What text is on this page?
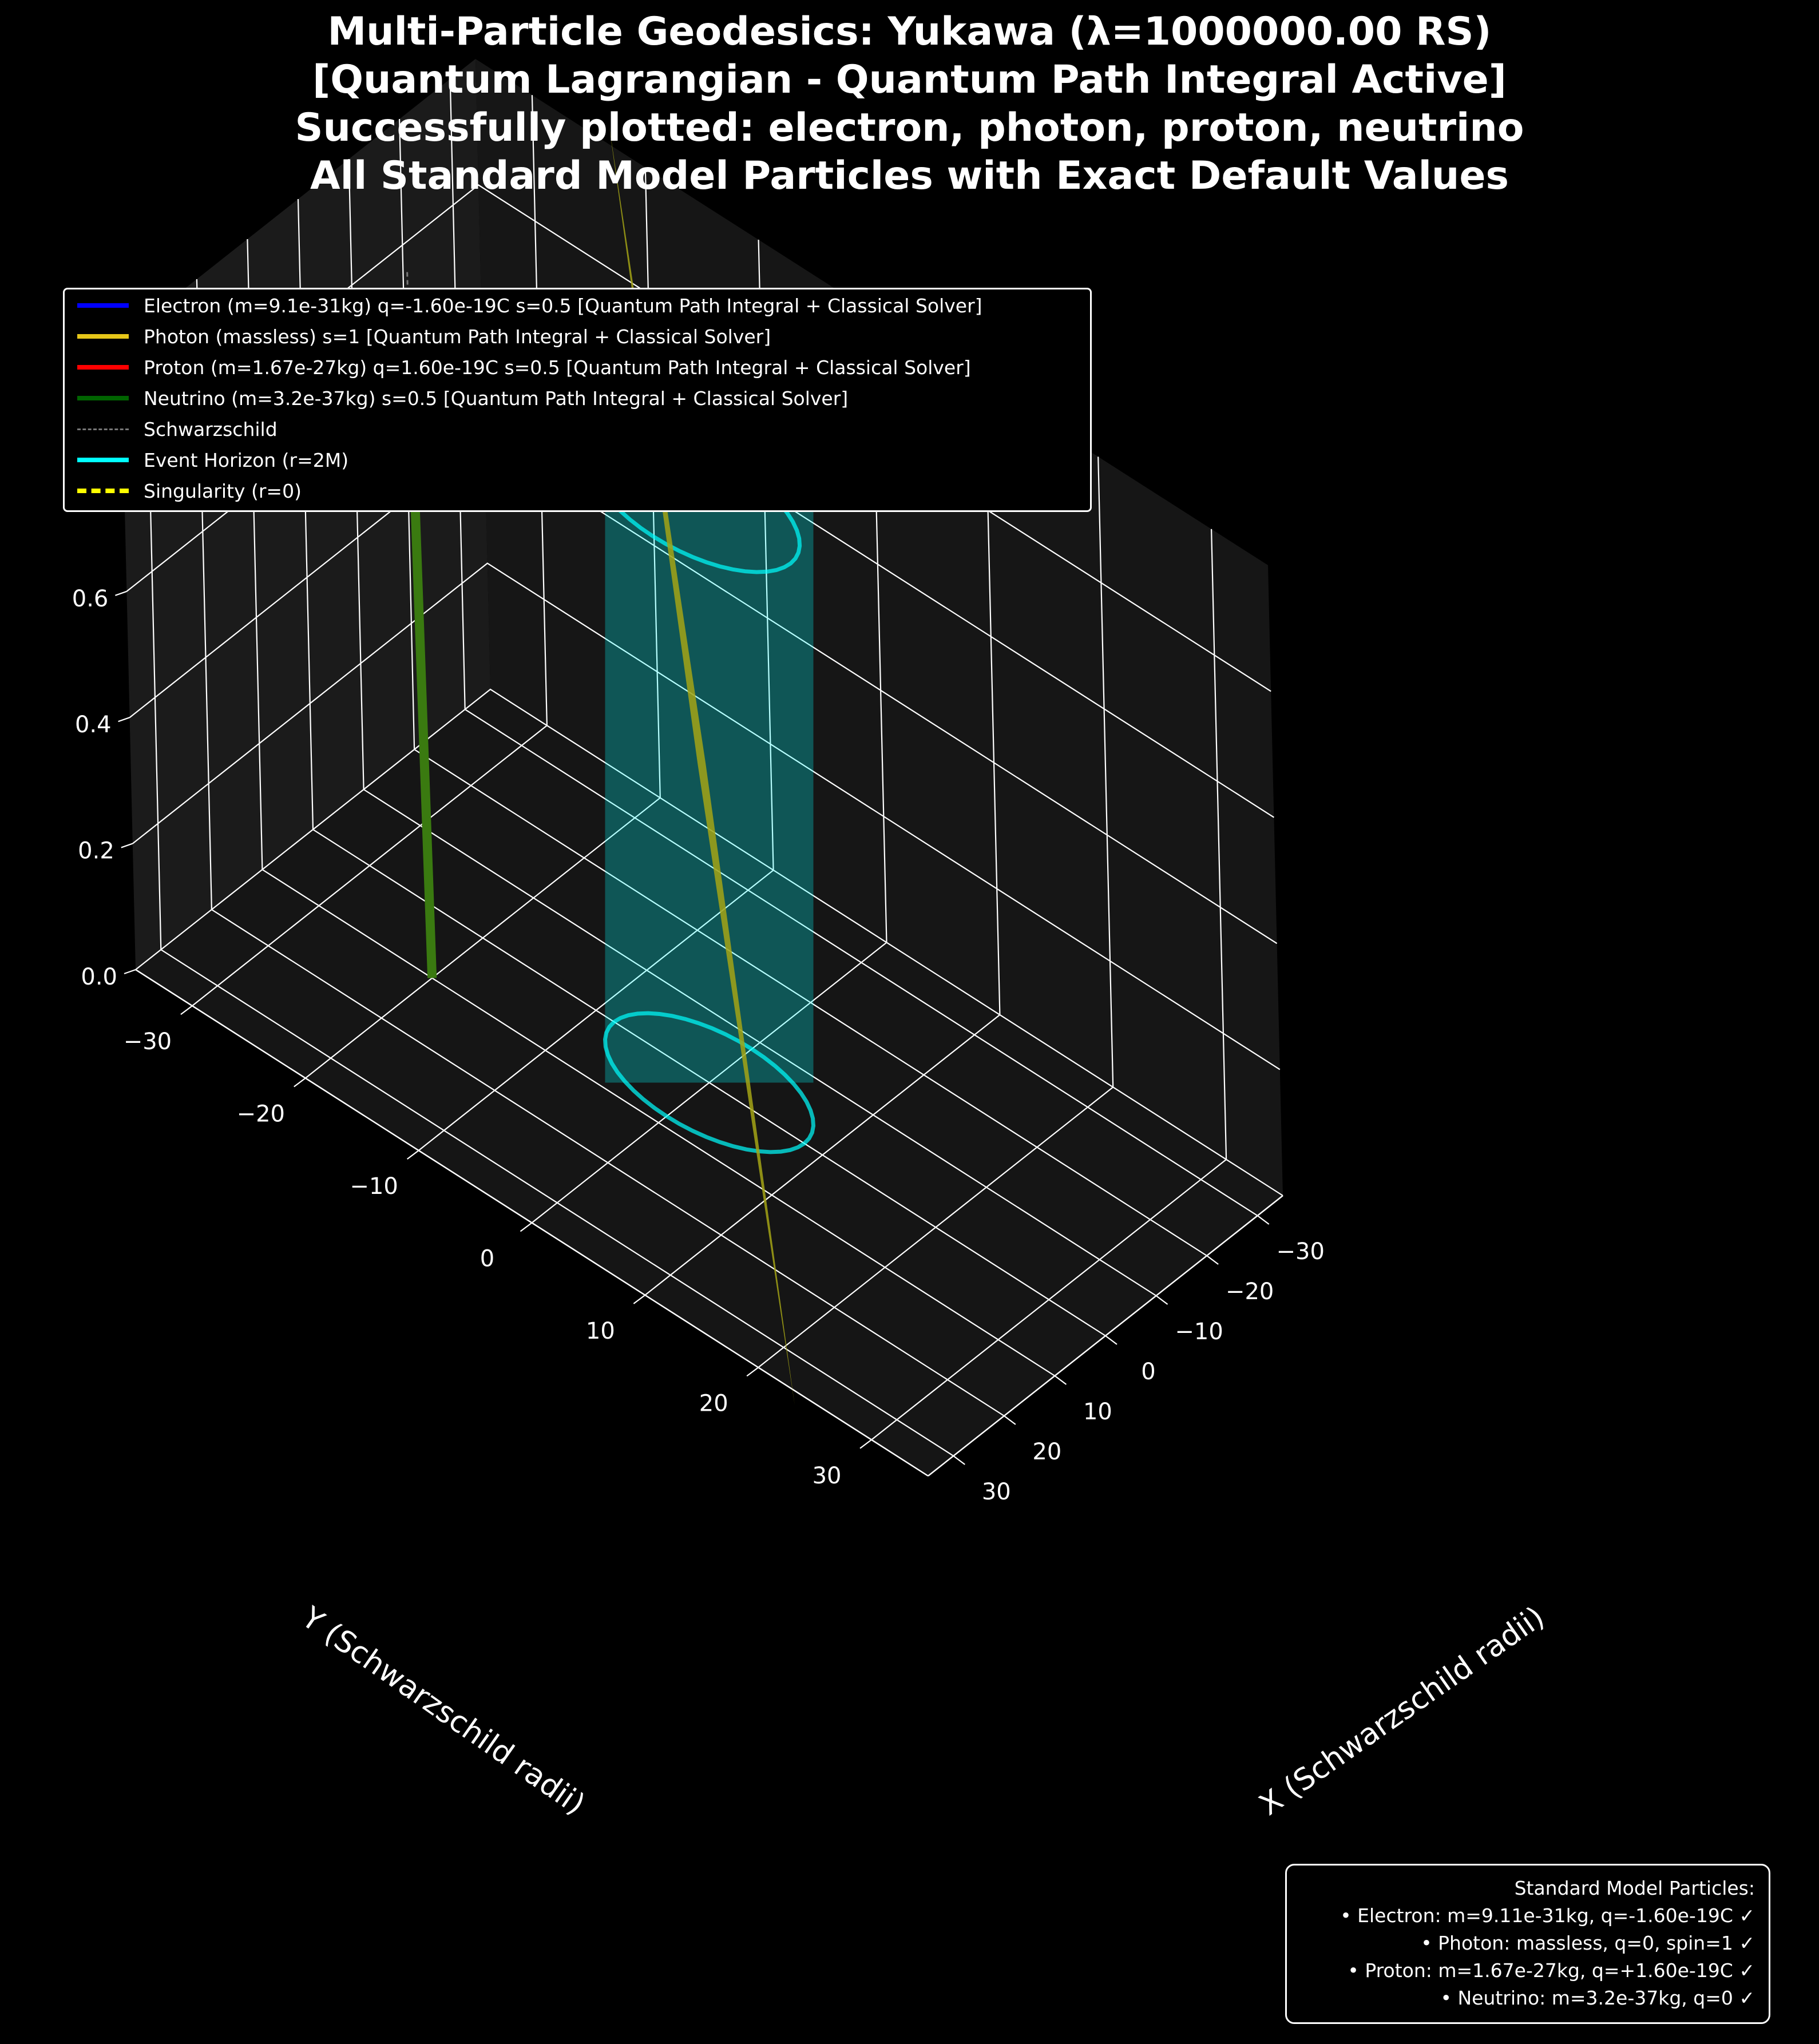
−30
−20
−10
0
10
20
30
−30
−20
−10
0
10
20
30
0.0
0.2
0.4
0.6
Y (Schwarzschild radii)	X (Schwarzschild radii)
Multi-Particle Geodesics: Yukawa (λ=1000000.00 RS)
[Quantum Lagrangian - Quantum Path Integral Active]
Successfully plotted: electron, photon, proton, neutrino
All Standard Model Particles with Exact Default Values
Electron (m=9.1e-31kg) q=-1.60e-19C s=0.5 [Quantum Path Integral + Classical Solver]
Photon (massless) s=1 [Quantum Path Integral + Classical Solver]
Proton (m=1.67e-27kg) q=1.60e-19C s=0.5 [Quantum Path Integral + Classical Solver]
Neutrino (m=3.2e-37kg) s=0.5 [Quantum Path Integral + Classical Solver]
Schwarzschild
Event Horizon (r=2M)
Singularity (r=0)
Standard Model Particles:
• Electron: m=9.11e-31kg, q=-1.60e-19C ✓
• Photon: massless, q=0, spin=1 ✓
• Proton: m=1.67e-27kg, q=+1.60e-19C ✓
• Neutrino: m=3.2e-37kg, q=0 ✓
